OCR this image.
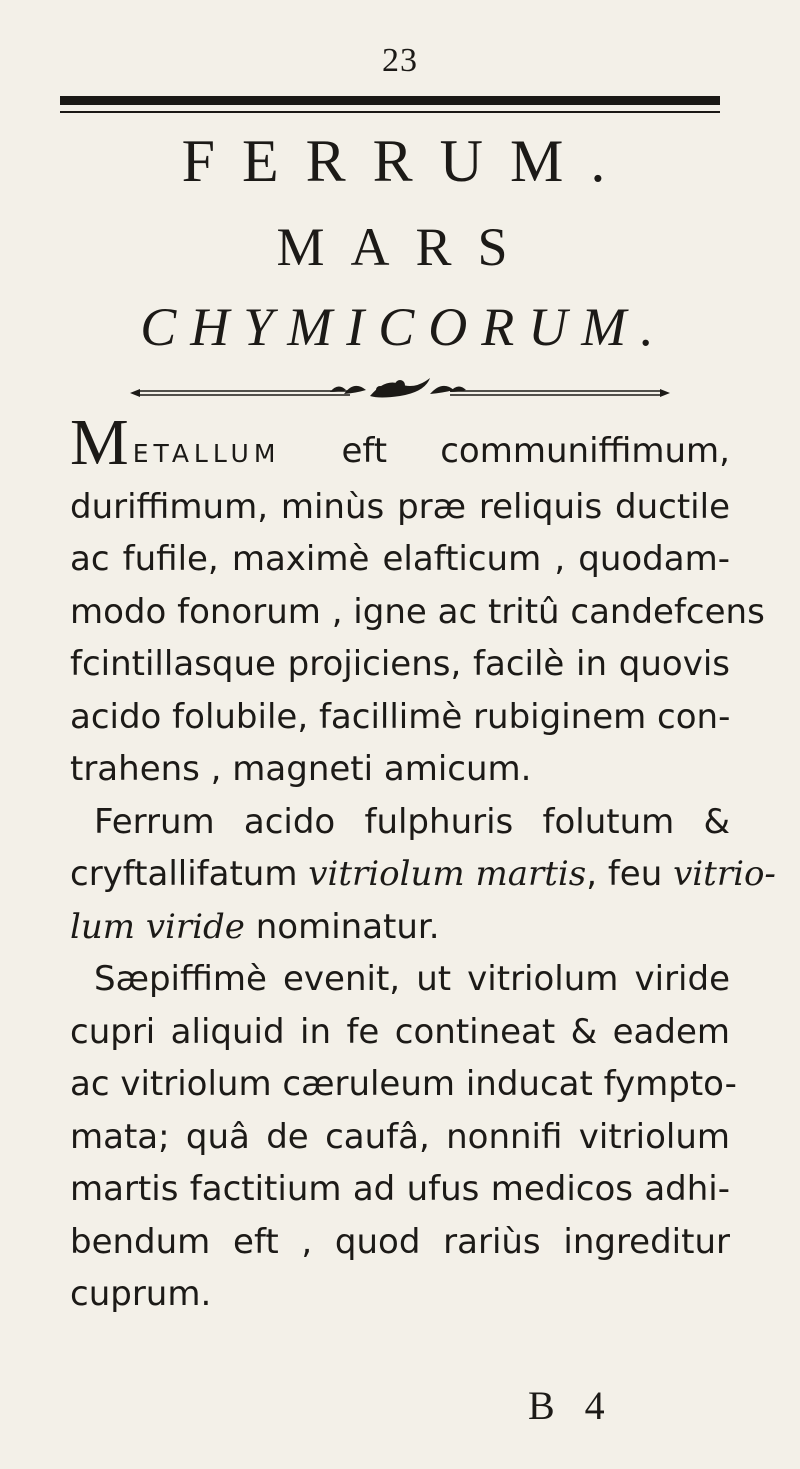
23
FERRUM.
MARS
CHYMICORUM.

METALLUM eft communiffimum,
duriffimum, minùs præ reliquis ductile
ac fufile, maximè elafticum , quodam-
modo fonorum , igne ac tritû candefcens
fcintillasque projiciens, facilè in quovis
acido folubile, facillimè rubiginem con-
trahens , magneti amicum.

Ferrum acido fulphuris folutum &
cryftallifatum vitriolum martis, feu vitrio-
lum viride nominatur.

Sæpiffimè evenit, ut vitriolum viride
cupri aliquid in fe contineat & eadem
ac vitriolum cæruleum inducat fympto-
mata; quâ de caufâ, nonnifi vitriolum
martis factitium ad ufus medicos adhi-
bendum eft , quod rariùs ingreditur
cuprum.

B 4
